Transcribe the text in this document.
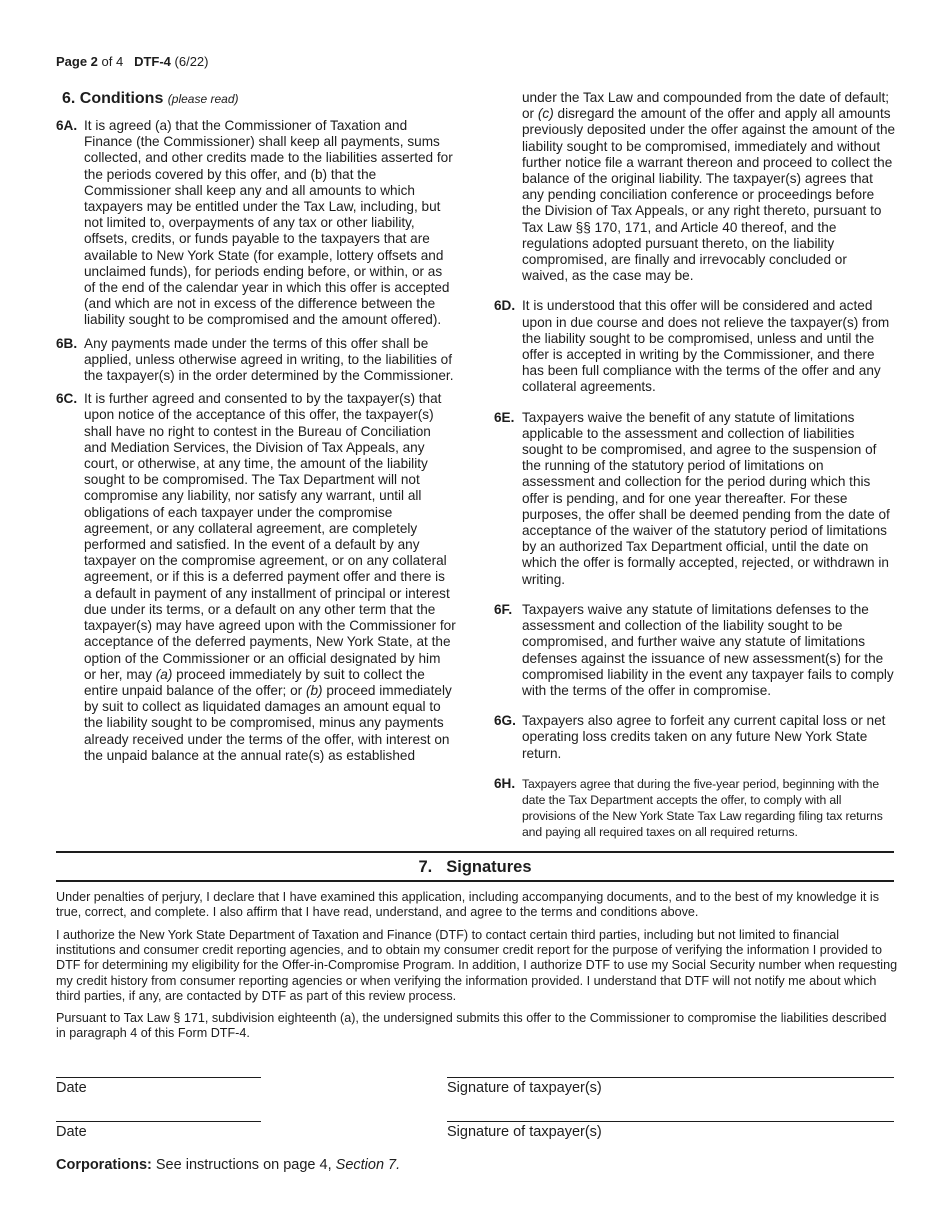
Page 2 of 4 DTF-4 (6/22)
6. Conditions (please read)
6A. It is agreed (a) that the Commissioner of Taxation and Finance (the Commissioner) shall keep all payments, sums collected, and other credits made to the liabilities asserted for the periods covered by this offer, and (b) that the Commissioner shall keep any and all amounts to which taxpayers may be entitled under the Tax Law, including, but not limited to, overpayments of any tax or other liability, offsets, credits, or funds payable to the taxpayers that are available to New York State (for example, lottery offsets and unclaimed funds), for periods ending before, or within, or as of the end of the calendar year in which this offer is accepted (and which are not in excess of the difference between the liability sought to be compromised and the amount offered).
6B. Any payments made under the terms of this offer shall be applied, unless otherwise agreed in writing, to the liabilities of the taxpayer(s) in the order determined by the Commissioner.
6C. It is further agreed and consented to by the taxpayer(s) that upon notice of the acceptance of this offer, the taxpayer(s) shall have no right to contest in the Bureau of Conciliation and Mediation Services, the Division of Tax Appeals, any court, or otherwise, at any time, the amount of the liability sought to be compromised. The Tax Department will not compromise any liability, nor satisfy any warrant, until all obligations of each taxpayer under the compromise agreement, or any collateral agreement, are completely performed and satisfied. In the event of a default by any taxpayer on the compromise agreement, or on any collateral agreement, or if this is a deferred payment offer and there is a default in payment of any installment of principal or interest due under its terms, or a default on any other term that the taxpayer(s) may have agreed upon with the Commissioner for acceptance of the deferred payments, New York State, at the option of the Commissioner or an official designated by him or her, may (a) proceed immediately by suit to collect the entire unpaid balance of the offer; or (b) proceed immediately by suit to collect as liquidated damages an amount equal to the liability sought to be compromised, minus any payments already received under the terms of the offer, with interest on the unpaid balance at the annual rate(s) as established
under the Tax Law and compounded from the date of default; or (c) disregard the amount of the offer and apply all amounts previously deposited under the offer against the amount of the liability sought to be compromised, immediately and without further notice file a warrant thereon and proceed to collect the balance of the original liability. The taxpayer(s) agrees that any pending conciliation conference or proceedings before the Division of Tax Appeals, or any right thereto, pursuant to Tax Law §§ 170, 171, and Article 40 thereof, and the regulations adopted pursuant thereto, on the liability compromised, are finally and irrevocably concluded or waived, as the case may be.
6D. It is understood that this offer will be considered and acted upon in due course and does not relieve the taxpayer(s) from the liability sought to be compromised, unless and until the offer is accepted in writing by the Commissioner, and there has been full compliance with the terms of the offer and any collateral agreements.
6E. Taxpayers waive the benefit of any statute of limitations applicable to the assessment and collection of liabilities sought to be compromised, and agree to the suspension of the running of the statutory period of limitations on assessment and collection for the period during which this offer is pending, and for one year thereafter. For these purposes, the offer shall be deemed pending from the date of acceptance of the waiver of the statutory period of limitations by an authorized Tax Department official, until the date on which the offer is formally accepted, rejected, or withdrawn in writing.
6F. Taxpayers waive any statute of limitations defenses to the assessment and collection of the liability sought to be compromised, and further waive any statute of limitations defenses against the issuance of new assessment(s) for the compromised liability in the event any taxpayer fails to comply with the terms of the offer in compromise.
6G. Taxpayers also agree to forfeit any current capital loss or net operating loss credits taken on any future New York State return.
6H. Taxpayers agree that during the five-year period, beginning with the date the Tax Department accepts the offer, to comply with all provisions of the New York State Tax Law regarding filing tax returns and paying all required taxes on all required returns.
7. Signatures
Under penalties of perjury, I declare that I have examined this application, including accompanying documents, and to the best of my knowledge it is true, correct, and complete. I also affirm that I have read, understand, and agree to the terms and conditions above.
I authorize the New York State Department of Taxation and Finance (DTF) to contact certain third parties, including but not limited to financial institutions and consumer credit reporting agencies, and to obtain my consumer credit report for the purpose of verifying the information I provided to DTF for determining my eligibility for the Offer-in-Compromise Program. In addition, I authorize DTF to use my Social Security number when requesting my credit history from consumer reporting agencies or when verifying the information provided. I understand that DTF will not notify me about which third parties, if any, are contacted by DTF as part of this review process.
Pursuant to Tax Law § 171, subdivision eighteenth (a), the undersigned submits this offer to the Commissioner to compromise the liabilities described in paragraph 4 of this Form DTF-4.
Date	Signature of taxpayer(s)
Date	Signature of taxpayer(s)
Corporations: See instructions on page 4, Section 7.
